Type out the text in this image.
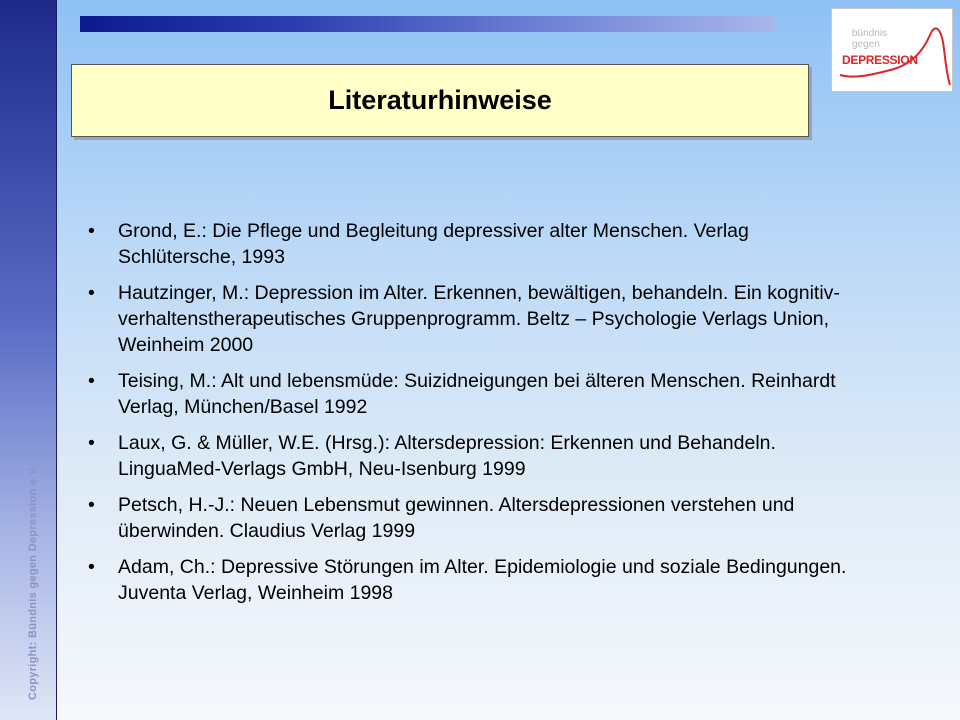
Copyright: Bündnis gegen Depression e.V.
bündnis
gegen
DEPRESSION
Literaturhinweise
• Grond, E.: Die Pflege und Begleitung depressiver alter Menschen. Verlag Schlütersche, 1993
• Hautzinger, M.: Depression im Alter. Erkennen, bewältigen, behandeln. Ein kognitiv-verhaltenstherapeutisches Gruppenprogramm. Beltz – Psychologie Verlags Union, Weinheim 2000
• Teising, M.: Alt und lebensmüde: Suizidneigungen bei älteren Menschen. Reinhardt Verlag, München/Basel 1992
• Laux, G. & Müller, W.E. (Hrsg.): Altersdepression: Erkennen und Behandeln. LinguaMed-Verlags GmbH, Neu-Isenburg 1999
• Petsch, H.-J.: Neuen Lebensmut gewinnen. Altersdepressionen verstehen und überwinden. Claudius Verlag 1999
• Adam, Ch.: Depressive Störungen im Alter. Epidemiologie und soziale Bedingungen. Juventa Verlag, Weinheim 1998
